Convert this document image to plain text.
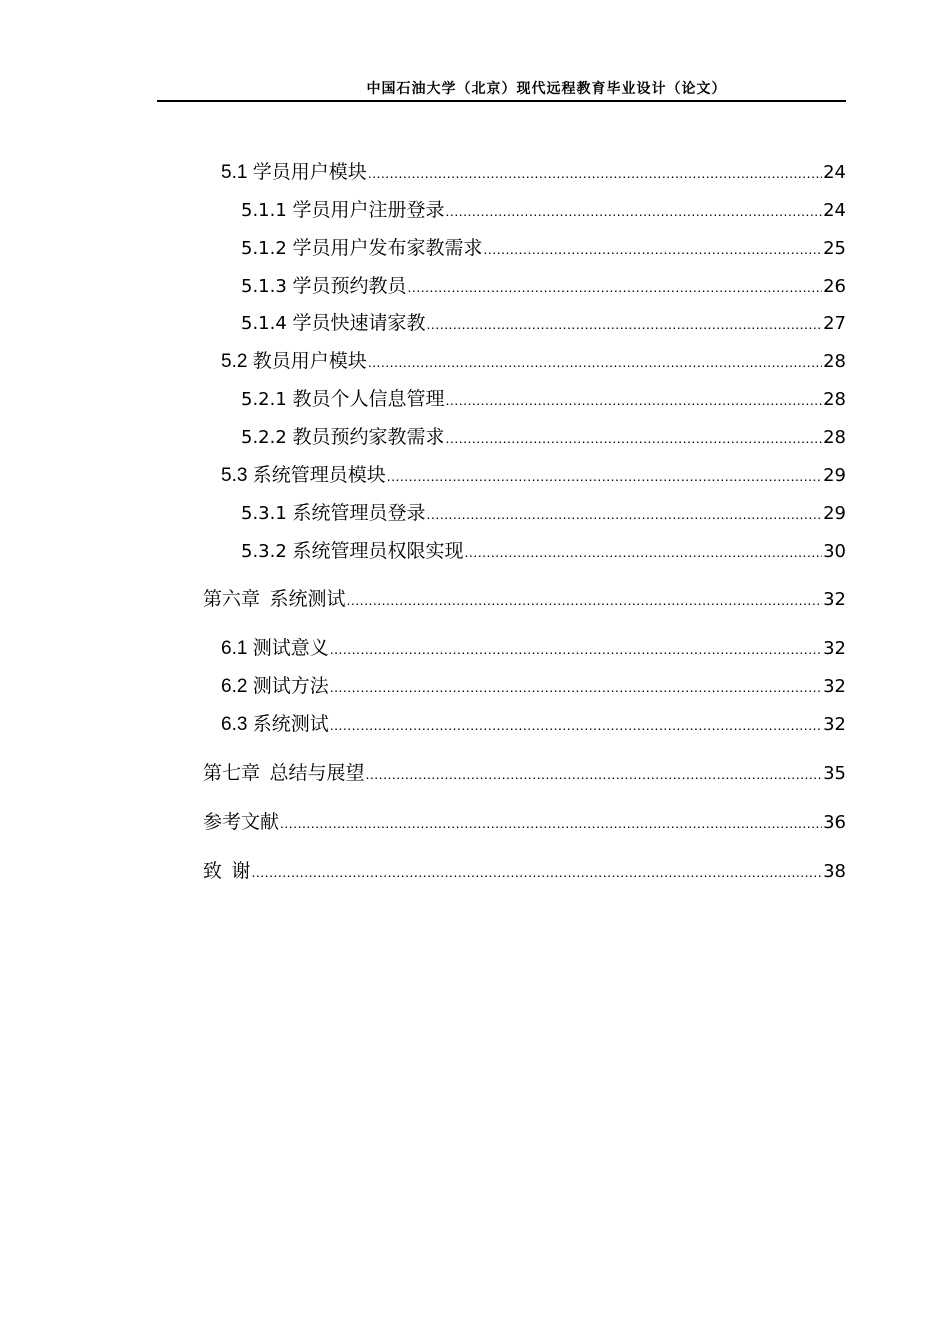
中国石油大学（北京）现代远程教育毕业设计（论文）
5.1 学员用户模块 .....	24
5.1.1 学员用户注册登录 .....	24
5.1.2 学员用户发布家教需求 .....	25
5.1.3 学员预约教员 .....	26
5.1.4 学员快速请家教 .....	27
5.2 教员用户模块 .....	28
5.2.1 教员个人信息管理 .....	28
5.2.2 教员预约家教需求 .....	28
5.3 系统管理员模块 .....	29
5.3.1 系统管理员登录 .....	29
5.3.2 系统管理员权限实现 .....	30
第六章  系统测试 .....	32
6.1 测试意义 .....	32
6.2 测试方法 .....	32
6.3 系统测试 .....	32
第七章  总结与展望 .....	35
参考文献 .....	36
致  谢 .....	38
